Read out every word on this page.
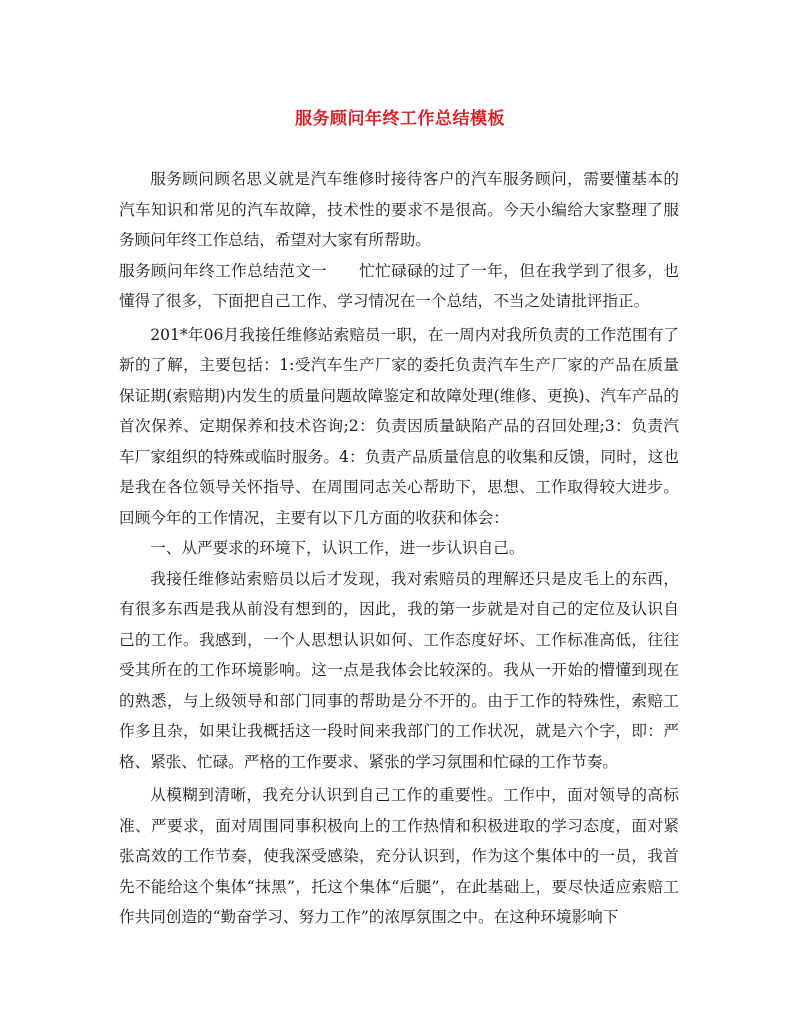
服务顾问年终工作总结模板

服务顾问顾名思义就是汽车维修时接待客户的汽车服务顾问，需要懂基本的汽车知识和常见的汽车故障，技术性的要求不是很高。今天小编给大家整理了服务顾问年终工作总结，希望对大家有所帮助。

服务顾问年终工作总结范文一　　忙忙碌碌的过了一年，但在我学到了很多，也懂得了很多，下面把自己工作、学习情况在一个总结，不当之处请批评指正。

201*年06月我接任维修站索赔员一职，在一周内对我所负责的工作范围有了新的了解，主要包括：1:受汽车生产厂家的委托负责汽车生产厂家的产品在质量保证期(索赔期)内发生的质量问题故障鉴定和故障处理(维修、更换)、汽车产品的首次保养、定期保养和技术咨询;2：负责因质量缺陷产品的召回处理;3：负责汽车厂家组织的特殊或临时服务。4：负责产品质量信息的收集和反馈，同时，这也是我在各位领导关怀指导、在周围同志关心帮助下，思想、工作取得较大进步。回顾今年的工作情况，主要有以下几方面的收获和体会：

一、从严要求的环境下，认识工作，进一步认识自己。

我接任维修站索赔员以后才发现，我对索赔员的理解还只是皮毛上的东西，有很多东西是我从前没有想到的，因此，我的第一步就是对自己的定位及认识自己的工作。我感到，一个人思想认识如何、工作态度好坏、工作标准高低，往往受其所在的工作环境影响。这一点是我体会比较深的。我从一开始的懵懂到现在的熟悉，与上级领导和部门同事的帮助是分不开的。由于工作的特殊性，索赔工作多且杂，如果让我概括这一段时间来我部门的工作状况，就是六个字，即：严格、紧张、忙碌。严格的工作要求、紧张的学习氛围和忙碌的工作节奏。

从模糊到清晰，我充分认识到自己工作的重要性。工作中，面对领导的高标准、严要求，面对周围同事积极向上的工作热情和积极进取的学习态度，面对紧张高效的工作节奏，使我深受感染，充分认识到，作为这个集体中的一员，我首先不能给这个集体“抹黑”，托这个集体“后腿”，在此基础上，要尽快适应索赔工作共同创造的“勤奋学习、努力工作”的浓厚氛围之中。在这种环境影响下
